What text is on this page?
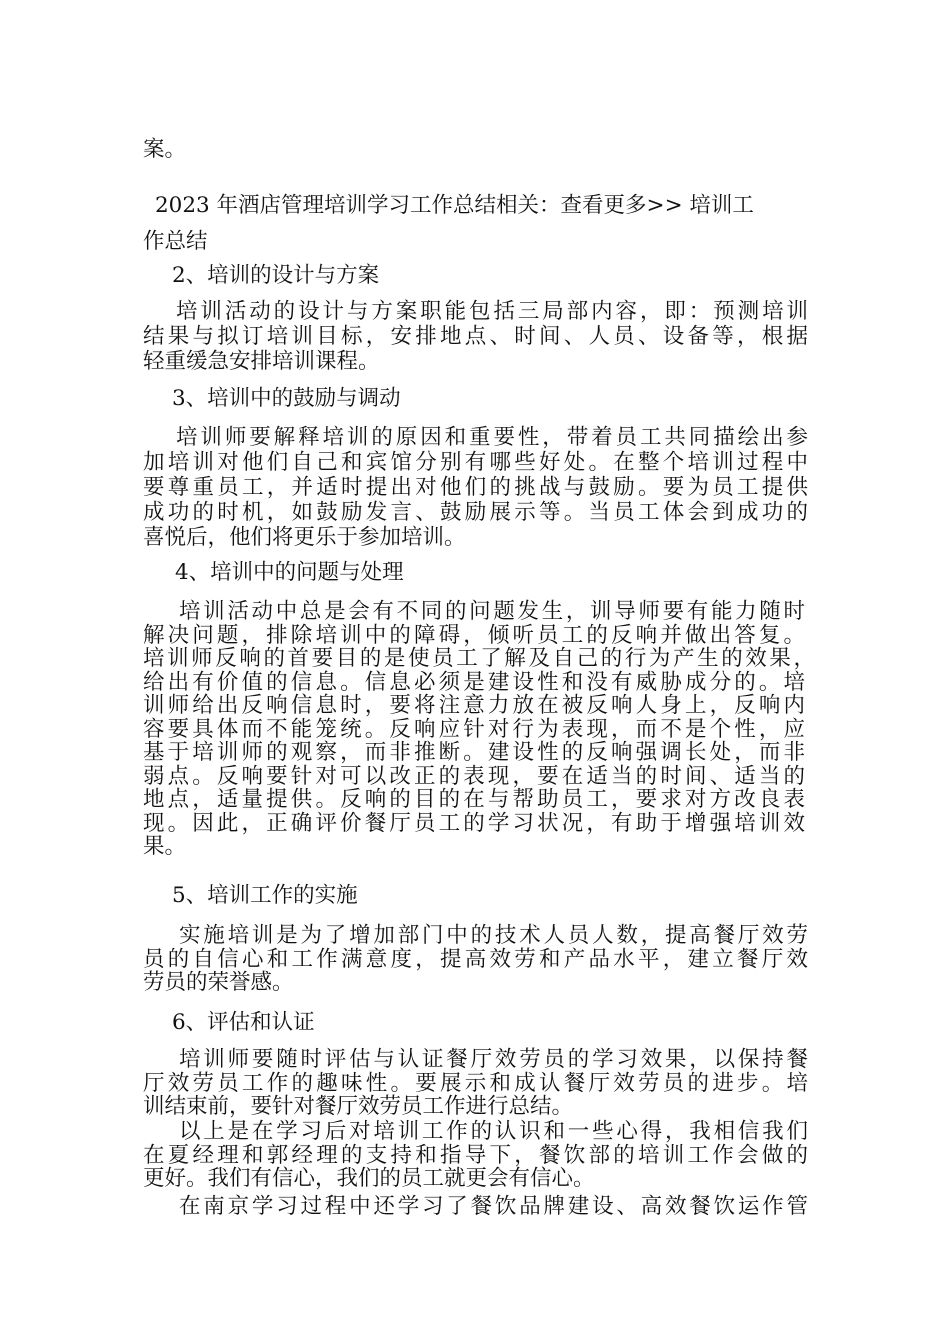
案。
2023 年酒店管理培训学习工作总结相关：查看更多>> 培训工
作总结
2、培训的设计与方案
培训活动的设计与方案职能包括三局部内容，即：预测培训
结果与拟订培训目标，安排地点、时间、人员、设备等，根据
轻重缓急安排培训课程。
3、培训中的鼓励与调动
培训师要解释培训的原因和重要性，带着员工共同描绘出参
加培训对他们自己和宾馆分别有哪些好处。在整个培训过程中
要尊重员工，并适时提出对他们的挑战与鼓励。要为员工提供
成功的时机，如鼓励发言、鼓励展示等。当员工体会到成功的
喜悦后，他们将更乐于参加培训。
4、培训中的问题与处理
培训活动中总是会有不同的问题发生，训导师要有能力随时
解决问题，排除培训中的障碍，倾听员工的反响并做出答复。
培训师反响的首要目的是使员工了解及自己的行为产生的效果，
给出有价值的信息。信息必须是建设性和没有威胁成分的。培
训师给出反响信息时，要将注意力放在被反响人身上，反响内
容要具体而不能笼统。反响应针对行为表现，而不是个性，应
基于培训师的观察，而非推断。建设性的反响强调长处，而非
弱点。反响要针对可以改正的表现，要在适当的时间、适当的
地点，适量提供。反响的目的在与帮助员工，要求对方改良表
现。因此，正确评价餐厅员工的学习状况，有助于增强培训效
果。
5、培训工作的实施
实施培训是为了增加部门中的技术人员人数，提高餐厅效劳
员的自信心和工作满意度，提高效劳和产品水平，建立餐厅效
劳员的荣誉感。
6、评估和认证
培训师要随时评估与认证餐厅效劳员的学习效果，以保持餐
厅效劳员工作的趣味性。要展示和成认餐厅效劳员的进步。培
训结束前，要针对餐厅效劳员工作进行总结。
以上是在学习后对培训工作的认识和一些心得，我相信我们
在夏经理和郭经理的支持和指导下，餐饮部的培训工作会做的
更好。我们有信心，我们的员工就更会有信心。
在南京学习过程中还学习了餐饮品牌建设、高效餐饮运作管
